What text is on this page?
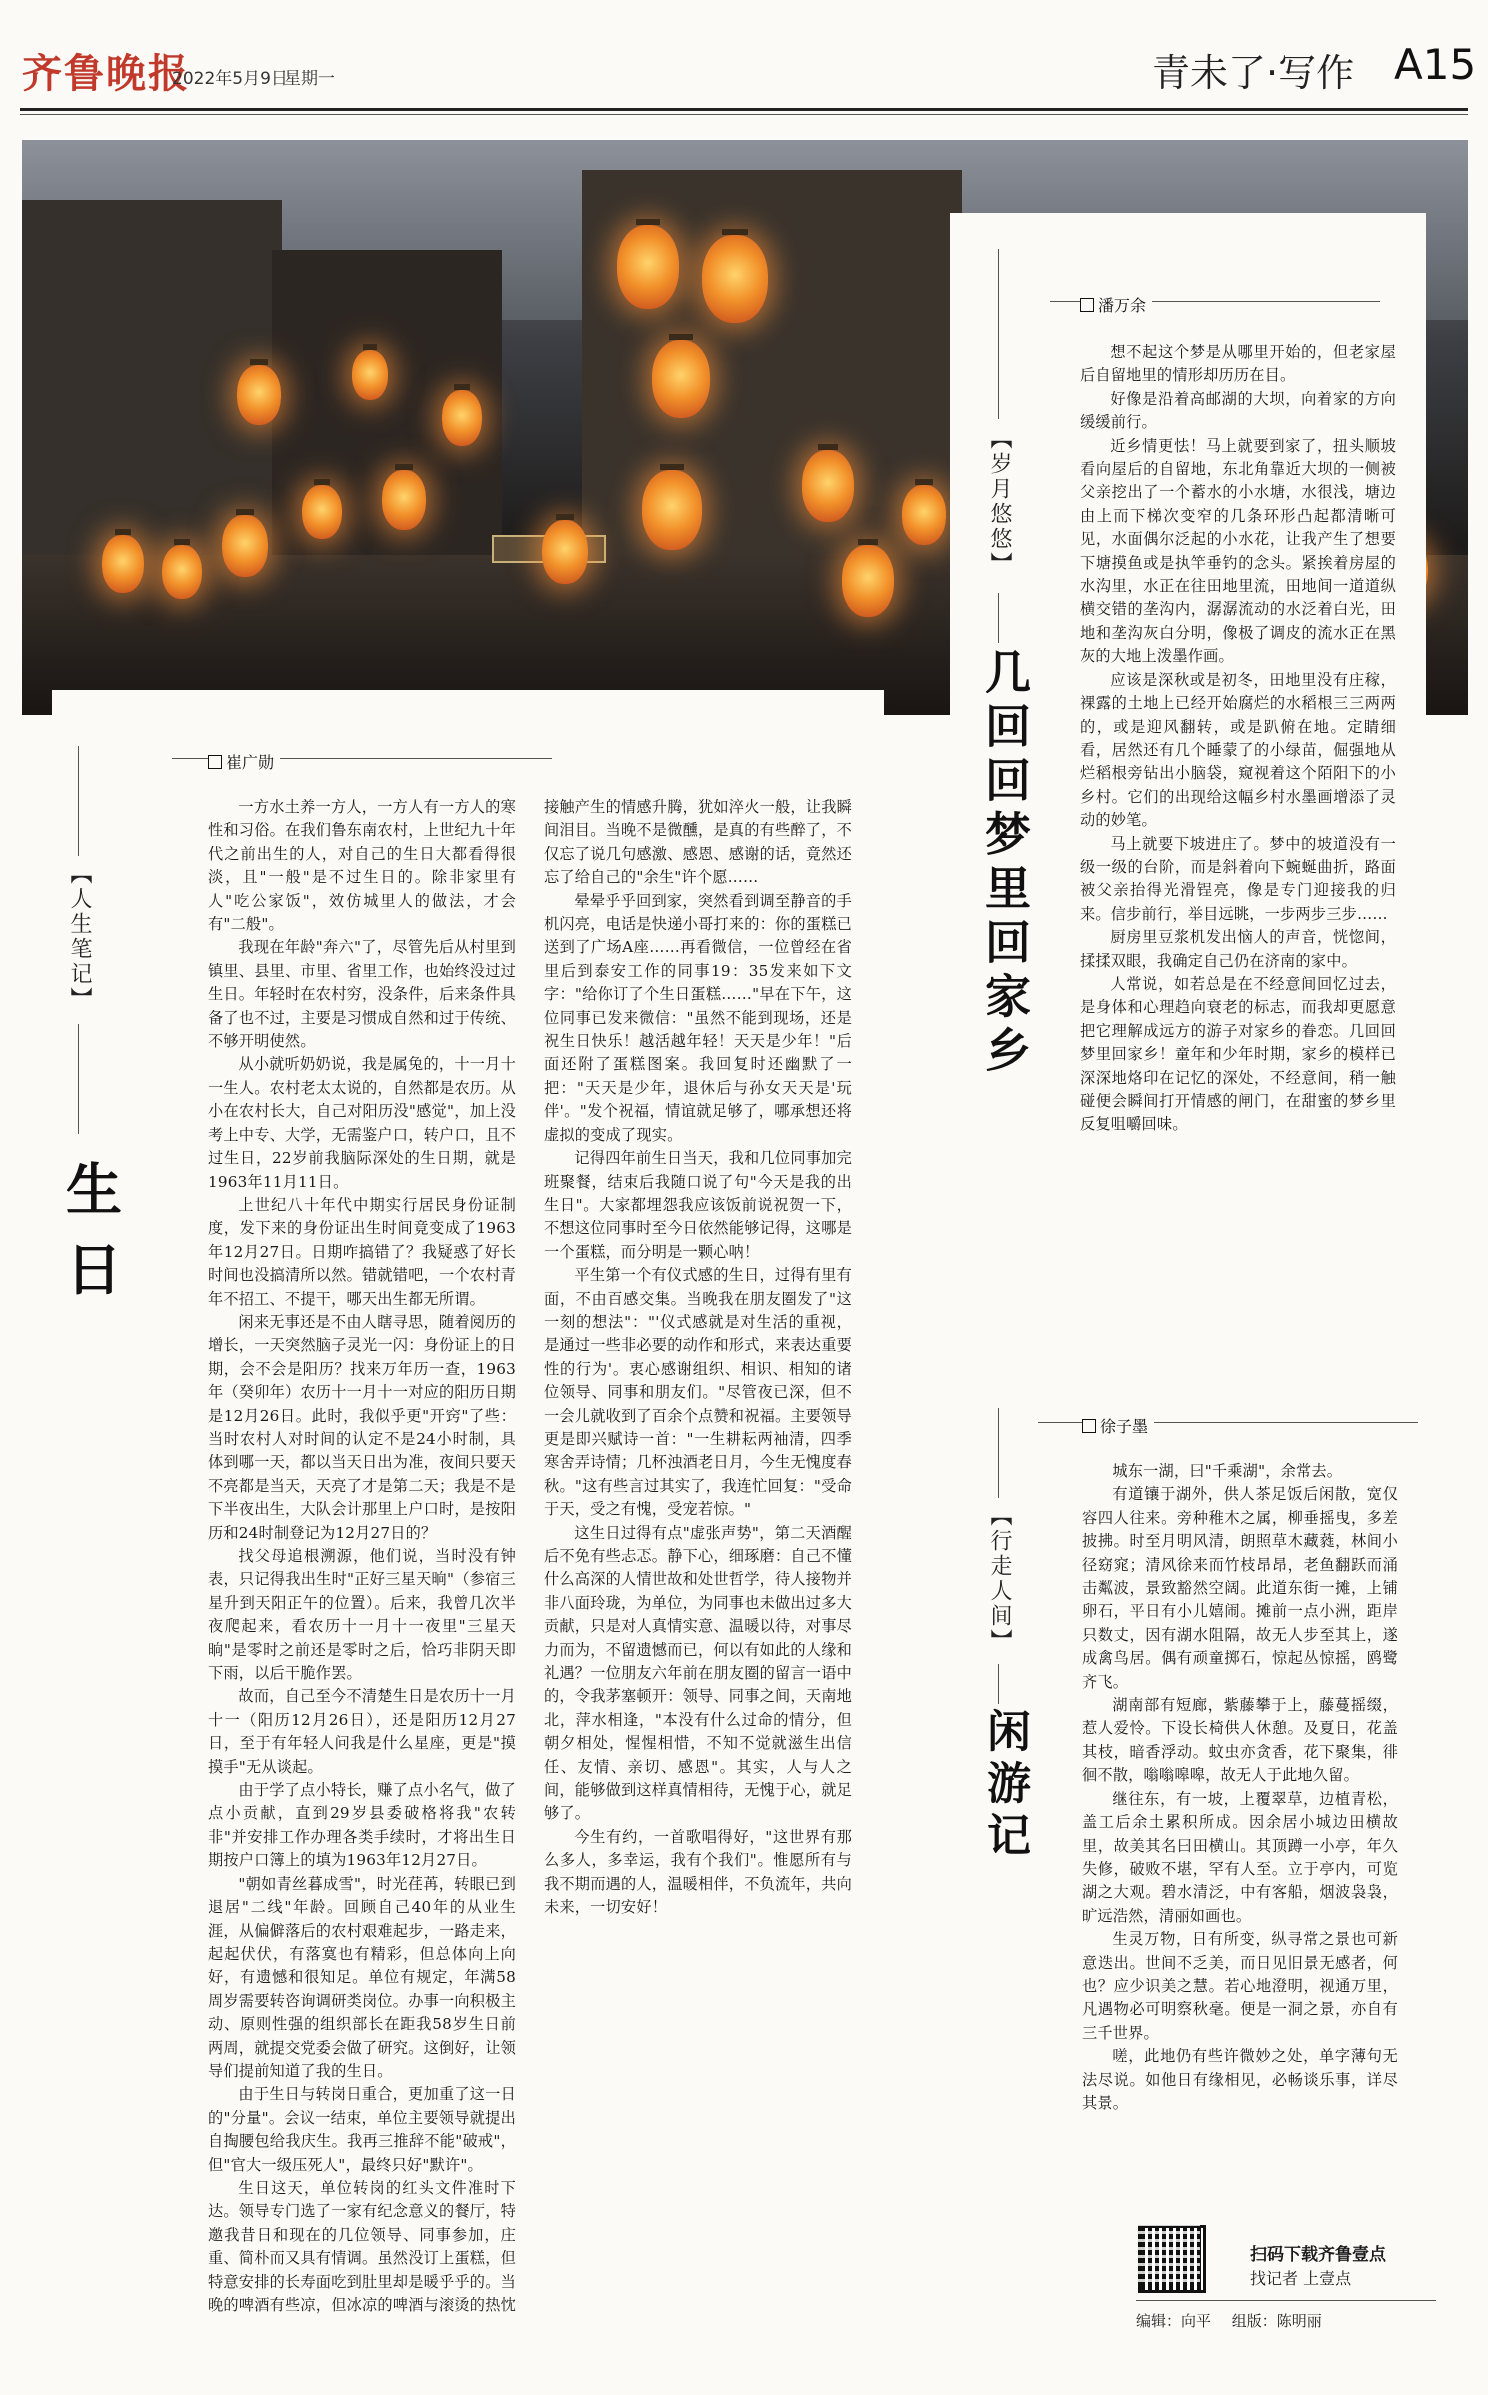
齐鲁晚报
2022年5月9日
星期一	青未了·写作 A15
【岁月悠悠】
几回回梦里回家乡
潘万余

想不起这个梦是从哪里开始的，但老家屋后自留地里的情形却历历在目。

好像是沿着高邮湖的大坝，向着家的方向缓缓前行。

近乡情更怯！马上就要到家了，扭头顺坡看向屋后的自留地，东北角靠近大坝的一侧被父亲挖出了一个蓄水的小水塘，水很浅，塘边由上而下梯次变窄的几条环形凸起都清晰可见，水面偶尔泛起的小水花，让我产生了想要下塘摸鱼或是执竿垂钓的念头。紧挨着房屋的水沟里，水正在往田地里流，田地间一道道纵横交错的垄沟内，潺潺流动的水泛着白光，田地和垄沟灰白分明，像极了调皮的流水正在黑灰的大地上泼墨作画。

应该是深秋或是初冬，田地里没有庄稼，裸露的土地上已经开始腐烂的水稻根三三两两的，或是迎风翻转，或是趴俯在地。定睛细看，居然还有几个睡蒙了的小绿苗，倔强地从烂稻根旁钻出小脑袋，窥视着这个陌阳下的小乡村。它们的出现给这幅乡村水墨画增添了灵动的妙笔。

马上就要下坡进庄了。梦中的坡道没有一级一级的台阶，而是斜着向下蜿蜒曲折，路面被父亲抬得光滑锃亮，像是专门迎接我的归来。信步前行，举目远眺，一步两步三步……

厨房里豆浆机发出恼人的声音，恍惚间，揉揉双眼，我确定自己仍在济南的家中。

人常说，如若总是在不经意间回忆过去，是身体和心理趋向衰老的标志，而我却更愿意把它理解成远方的游子对家乡的眷恋。几回回梦里回家乡！童年和少年时期，家乡的模样已深深地烙印在记忆的深处，不经意间，稍一触碰便会瞬间打开情感的闸门，在甜蜜的梦乡里反复咀嚼回味。

【行走人间】
闲游记
徐子墨

城东一湖，曰"千乘湖"，余常去。

有道镶于湖外，供人茶足饭后闲散，宽仅容四人往来。旁种稚木之属，柳垂摇曳，多差披拂。时至月明风清，朗照草木藏蕤，林间小径窈窕；清风徐来而竹枝昂昂，老鱼翻跃而涌击粼波，景致豁然空阔。此道东街一摊，上铺卵石，平日有小儿嬉闹。摊前一点小洲，距岸只数丈，因有湖水阻隔，故无人步至其上，遂成禽鸟居。偶有顽童掷石，惊起丛惊摇，鸥鹭齐飞。

湖南部有短廊，紫藤攀于上，藤蔓摇缀，惹人爱怜。下设长椅供人休憩。及夏日，花盖其枝，暗香浮动。蚊虫亦贪香，花下聚集，徘徊不散，嗡嗡嗥嗥，故无人于此地久留。

继往东，有一坡，上覆翠草，边植青松，盖工后余土累积所成。因余居小城边田横故里，故美其名曰田横山。其顶蹲一小亭，年久失修，破败不堪，罕有人至。立于亭内，可览湖之大观。碧水清泛，中有客船，烟波袅袅，旷远浩然，清丽如画也。

生灵万物，日有所变，纵寻常之景也可新意迭出。世间不乏美，而日见旧景无感者，何也？应少识美之慧。若心地澄明，视通万里，凡遇物必可明察秋毫。便是一洞之景，亦自有三千世界。

嗟，此地仍有些许微妙之处，单字薄句无法尽说。如他日有缘相见，必畅谈乐事，详尽其景。

【人生笔记】
生日
崔广勋

一方水土养一方人，一方人有一方人的寒性和习俗。在我们鲁东南农村，上世纪九十年代之前出生的人，对自己的生日大都看得很淡，且"一般"是不过生日的。除非家里有人"吃公家饭"，效仿城里人的做法，才会有"二般"。

我现在年龄"奔六"了，尽管先后从村里到镇里、县里、市里、省里工作，也始终没过过生日。年轻时在农村穷，没条件，后来条件具备了也不过，主要是习惯成自然和过于传统、不够开明使然。

从小就听奶奶说，我是属兔的，十一月十一生人。农村老太太说的，自然都是农历。从小在农村长大，自己对阳历没"感觉"，加上没考上中专、大学，无需鉴户口，转户口，且不过生日，22岁前我脑际深处的生日期，就是1963年11月11日。

上世纪八十年代中期实行居民身份证制度，发下来的身份证出生时间竟变成了1963年12月27日。日期咋搞错了？我疑惑了好长时间也没搞清所以然。错就错吧，一个农村青年不招工、不提干，哪天出生都无所谓。

闲来无事还是不由人瞎寻思，随着阅历的增长，一天突然脑子灵光一闪：身份证上的日期，会不会是阳历？找来万年历一查，1963年（癸卯年）农历十一月十一对应的阳历日期是12月26日。此时，我似乎更"开窍"了些：当时农村人对时间的认定不是24小时制，具体到哪一天，都以当天日出为准，夜间只要天不亮都是当天，天亮了才是第二天；我是不是下半夜出生，大队会计那里上户口时，是按阳历和24时制登记为12月27日的？

找父母追根溯源，他们说，当时没有钟表，只记得我出生时"正好三星天晌"（参宿三星升到天阳正午的位置）。后来，我曾几次半夜爬起来，看农历十一月十一夜里"三星天晌"是零时之前还是零时之后，恰巧非阴天即下雨，以后干脆作罢。

故而，自己至今不清楚生日是农历十一月十一（阳历12月26日），还是阳历12月27日，至于有年轻人问我是什么星座，更是"摸摸手"无从谈起。

由于学了点小特长，赚了点小名气，做了点小贡献，直到29岁县委破格将我"农转非"并安排工作办理各类手续时，才将出生日期按户口簿上的填为1963年12月27日。

"朝如青丝暮成雪"，时光荏苒，转眼已到退居"二线"年龄。回顾自己40年的从业生涯，从偏僻落后的农村艰难起步，一路走来，起起伏伏，有落寞也有精彩，但总体向上向好，有遗憾和很知足。单位有规定，年满58周岁需要转咨询调研类岗位。办事一向积极主动、原则性强的组织部长在距我58岁生日前两周，就提交党委会做了研究。这倒好，让领导们提前知道了我的生日。

由于生日与转岗日重合，更加重了这一日的"分量"。会议一结束，单位主要领导就提出自掏腰包给我庆生。我再三推辞不能"破戒"，但"官大一级压死人"，最终只好"默许"。

生日这天，单位转岗的红头文件准时下达。领导专门选了一家有纪念意义的餐厅，特邀我昔日和现在的几位领导、同事参加，庄重、简朴而又具有情调。虽然没订上蛋糕，但特意安排的长寿面吃到肚里却是暖乎乎的。当晚的啤酒有些凉，但冰凉的啤酒与滚烫的热忱接触产生的情感升腾，犹如淬火一般，让我瞬间泪目。当晚不是微醺，是真的有些醉了，不仅忘了说几句感激、感恩、感谢的话，竟然还忘了给自己的"余生"许个愿……

晕晕乎乎回到家，突然看到调至静音的手机闪亮，电话是快递小哥打来的：你的蛋糕已送到了广场A座……再看微信，一位曾经在省里后到泰安工作的同事19：35发来如下文字："给你订了个生日蛋糕……"早在下午，这位同事已发来微信："虽然不能到现场，还是祝生日快乐！越活越年轻！天天是少年！"后面还附了蛋糕图案。我回复时还幽默了一把："天天是少年，退休后与孙女天天是'玩伴'。"发个祝福，情谊就足够了，哪承想还将虚拟的变成了现实。

记得四年前生日当天，我和几位同事加完班聚餐，结束后我随口说了句"今天是我的出生日"。大家都埋怨我应该饭前说祝贺一下，不想这位同事时至今日依然能够记得，这哪是一个蛋糕，而分明是一颗心呐！

平生第一个有仪式感的生日，过得有里有面，不由百感交集。当晚我在朋友圈发了"这一刻的想法"："'仪式感就是对生活的重视，是通过一些非必要的动作和形式，来表达重要性的行为'。衷心感谢组织、相识、相知的诸位领导、同事和朋友们。"尽管夜已深，但不一会儿就收到了百余个点赞和祝福。主要领导更是即兴赋诗一首："一生耕耘两袖清，四季寒舍弄诗情；几杯浊酒老日月，今生无愧度春秋。"这有些言过其实了，我连忙回复："受命于天，受之有愧，受宠若惊。"

这生日过得有点"虚张声势"，第二天酒醒后不免有些忐忑。静下心，细琢磨：自己不懂什么高深的人情世故和处世哲学，待人接物并非八面玲珑，为单位，为同事也未做出过多大贡献，只是对人真情实意、温暖以待，对事尽力而为，不留遗憾而已，何以有如此的人缘和礼遇？一位朋友六年前在朋友圈的留言一语中的，令我茅塞顿开：领导、同事之间，天南地北，萍水相逢，"本没有什么过命的情分，但朝夕相处，惺惺相惜，不知不觉就滋生出信任、友情、亲切、感恩"。其实，人与人之间，能够做到这样真情相待，无愧于心，就足够了。

今生有约，一首歌唱得好，"这世界有那么多人，多幸运，我有个我们"。惟愿所有与我不期而遇的人，温暖相伴，不负流年，共向未来，一切安好！

扫码下载齐鲁壹点
找记者 上壹点
编辑：向平 组版：陈明丽
